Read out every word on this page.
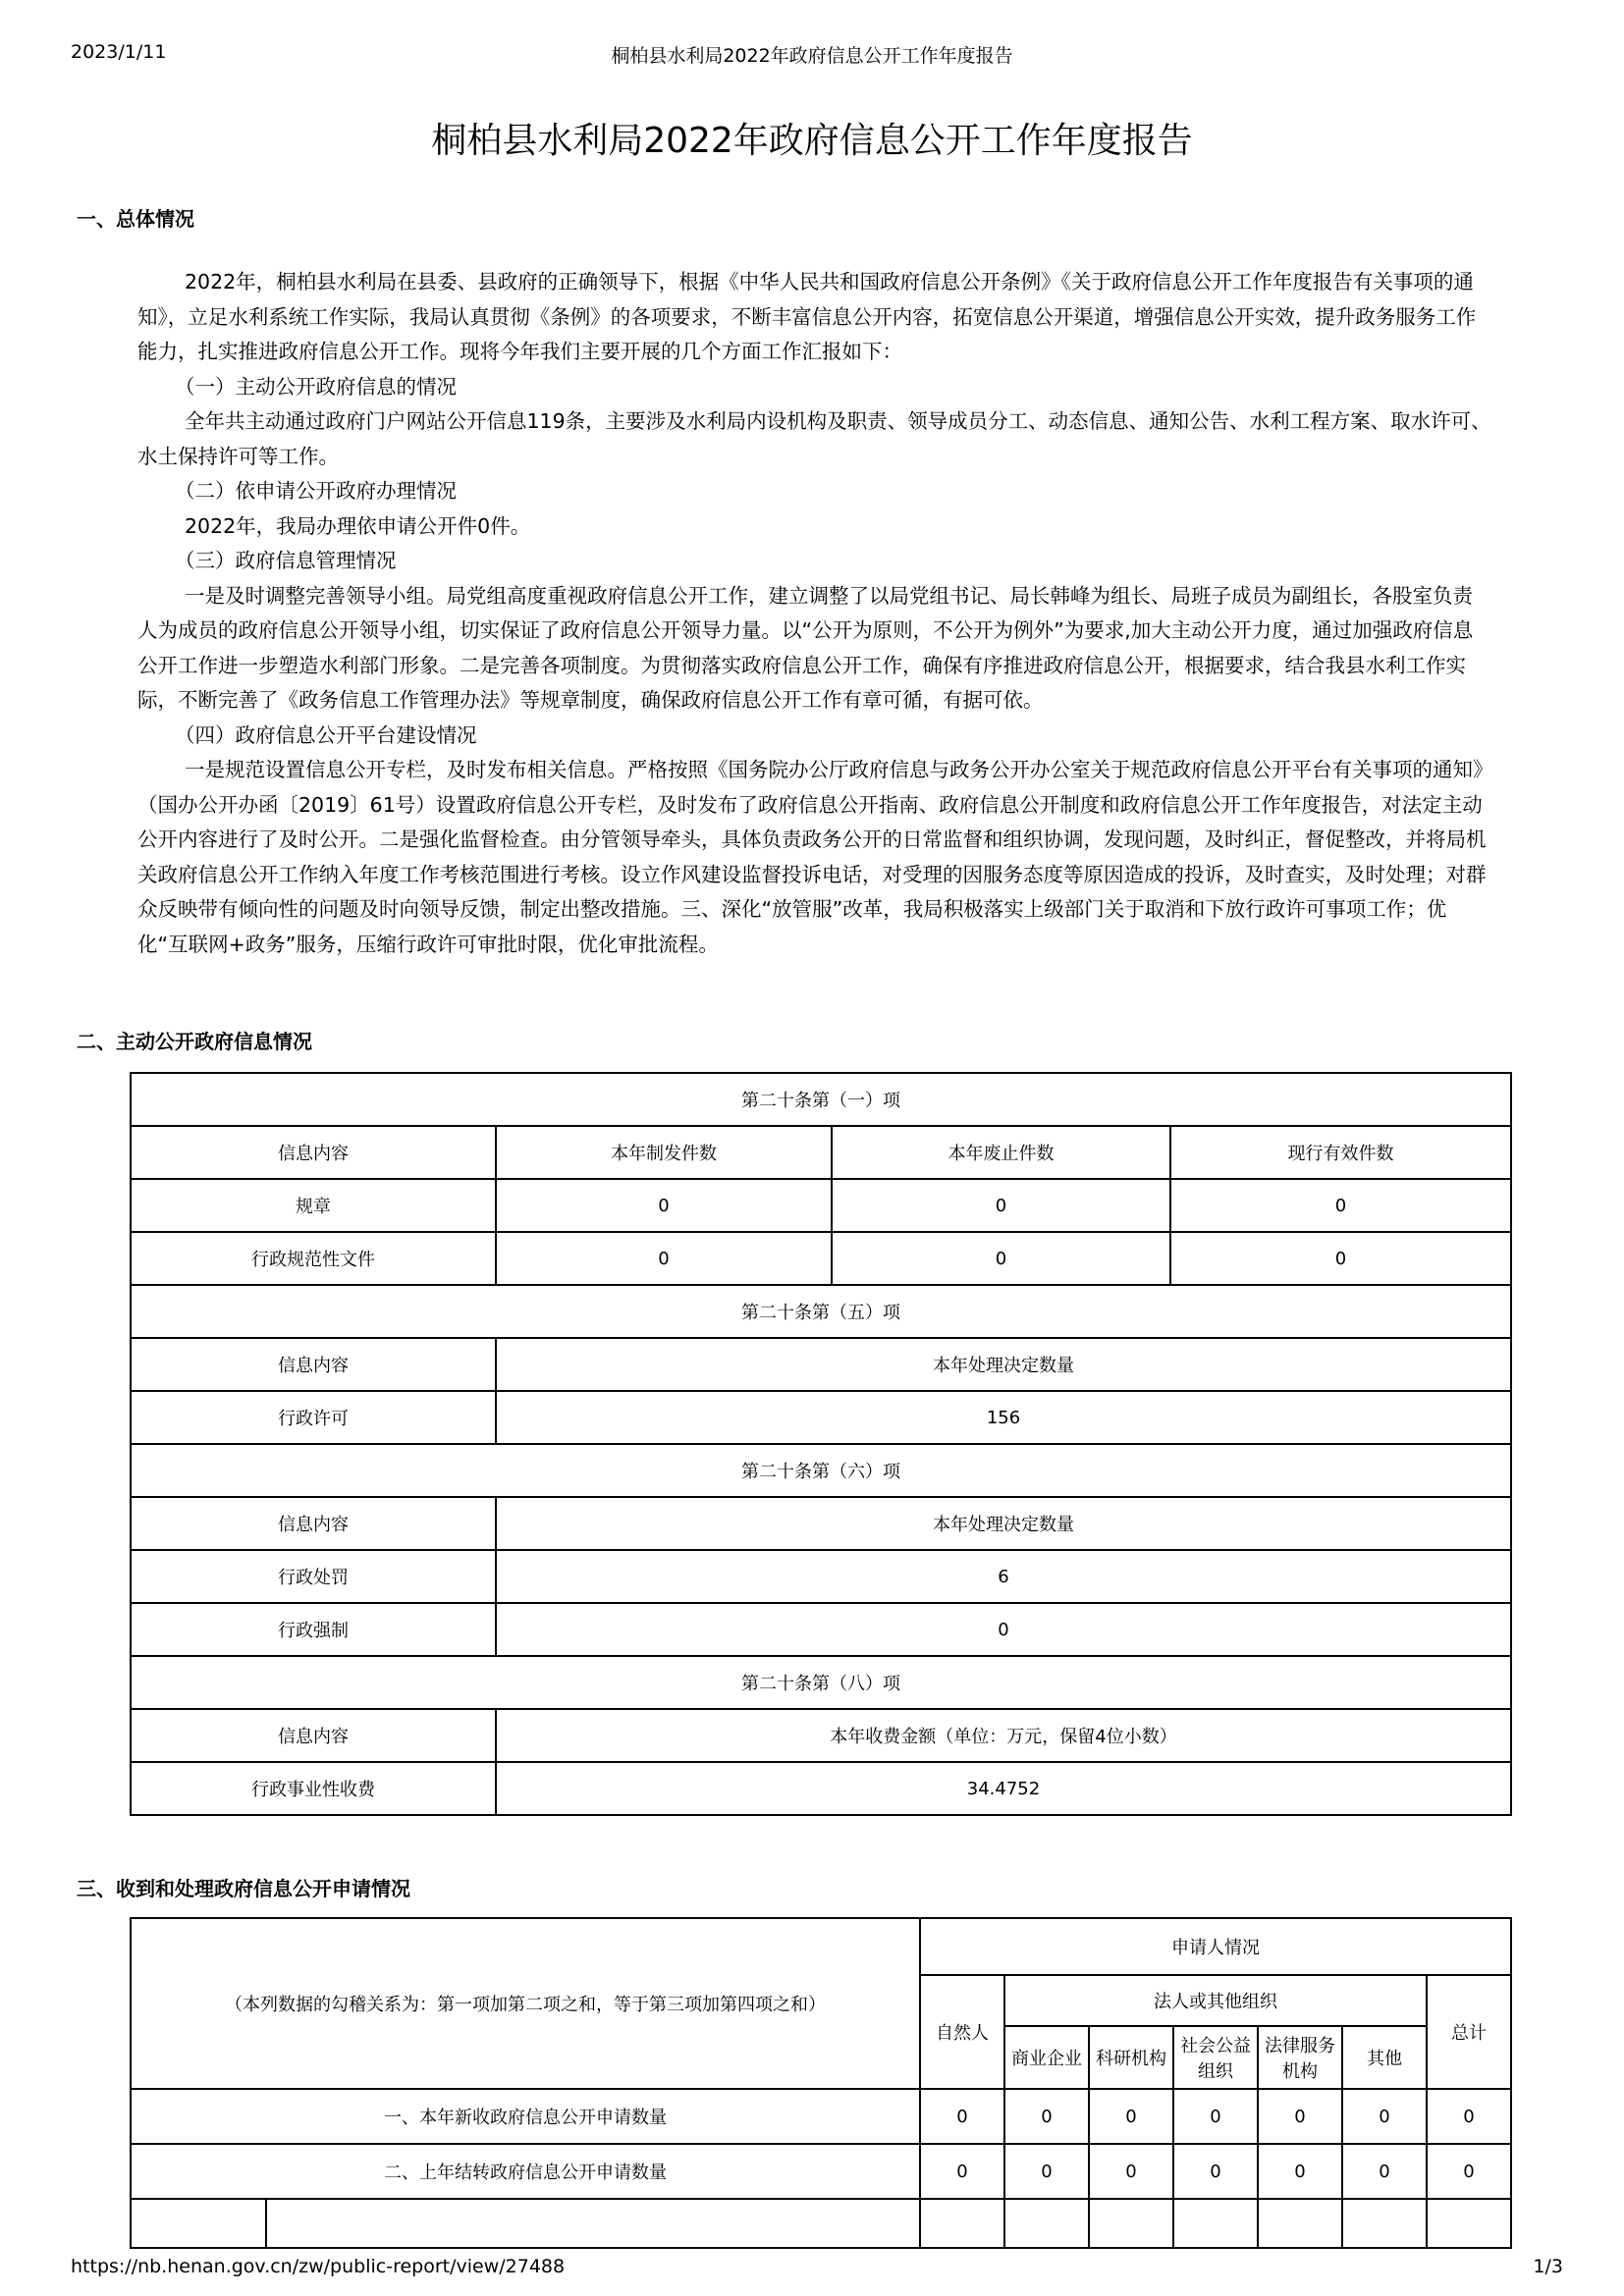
2023/1/11	桐柏县水利局2022年政府信息公开工作年度报告
桐柏县水利局2022年政府信息公开工作年度报告
一、总体情况

2022年，桐柏县水利局在县委、县政府的正确领导下，根据《中华人民共和国政府信息公开条例》《关于政府信息公开工作年度报告有关事项的通知》，立足水利系统工作实际，我局认真贯彻《条例》的各项要求，不断丰富信息公开内容，拓宽信息公开渠道，增强信息公开实效，提升政务服务工作能力，扎实推进政府信息公开工作。现将今年我们主要开展的几个方面工作汇报如下：

（一）主动公开政府信息的情况

全年共主动通过政府门户网站公开信息119条，主要涉及水利局内设机构及职责、领导成员分工、动态信息、通知公告、水利工程方案、取水许可、水土保持许可等工作。

（二）依申请公开政府办理情况

2022年，我局办理依申请公开件0件。

（三）政府信息管理情况

一是及时调整完善领导小组。局党组高度重视政府信息公开工作，建立调整了以局党组书记、局长韩峰为组长、局班子成员为副组长，各股室负责人为成员的政府信息公开领导小组，切实保证了政府信息公开领导力量。以“公开为原则，不公开为例外”为要求,加大主动公开力度，通过加强政府信息公开工作进一步塑造水利部门形象。二是完善各项制度。为贯彻落实政府信息公开工作，确保有序推进政府信息公开，根据要求，结合我县水利工作实际，不断完善了《政务信息工作管理办法》等规章制度，确保政府信息公开工作有章可循，有据可依。

（四）政府信息公开平台建设情况

一是规范设置信息公开专栏，及时发布相关信息。严格按照《国务院办公厅政府信息与政务公开办公室关于规范政府信息公开平台有关事项的通知》（国办公开办函〔2019〕61号）设置政府信息公开专栏，及时发布了政府信息公开指南、政府信息公开制度和政府信息公开工作年度报告，对法定主动公开内容进行了及时公开。二是强化监督检查。由分管领导牵头，具体负责政务公开的日常监督和组织协调，发现问题，及时纠正，督促整改，并将局机关政府信息公开工作纳入年度工作考核范围进行考核。设立作风建设监督投诉电话，对受理的因服务态度等原因造成的投诉，及时查实，及时处理；对群众反映带有倾向性的问题及时向领导反馈，制定出整改措施。三、深化“放管服”改革，我局积极落实上级部门关于取消和下放行政许可事项工作；优化“互联网+政务”服务，压缩行政许可审批时限，优化审批流程。

二、主动公开政府信息情况
第二十条第（一）项			
信息内容	本年制发件数	本年废止件数	现行有效件数
规章	0	0	0
行政规范性文件	0	0	0
第二十条第（五）项			
信息内容	本年处理决定数量		
行政许可	156		
第二十条第（六）项			
信息内容	本年处理决定数量		
行政处罚	6		
行政强制	0		
第二十条第（八）项			
信息内容	本年收费金额（单位：万元，保留4位小数）		
行政事业性收费	34.4752		
三、收到和处理政府信息公开申请情况
（本列数据的勾稽关系为：第一项加第二项之和，等于第三项加第四项之和）		申请人情况						
		自然人	法人或其他组织					总计
			商业企业	科研机构	社会公益组织	法律服务机构	其他	
一、本年新收政府信息公开申请数量		0	0	0	0	0	0	0
二、上年结转政府信息公开申请数量		0	0	0	0	0	0	0

https://nb.henan.gov.cn/zw/public-report/view/27488	1/3
